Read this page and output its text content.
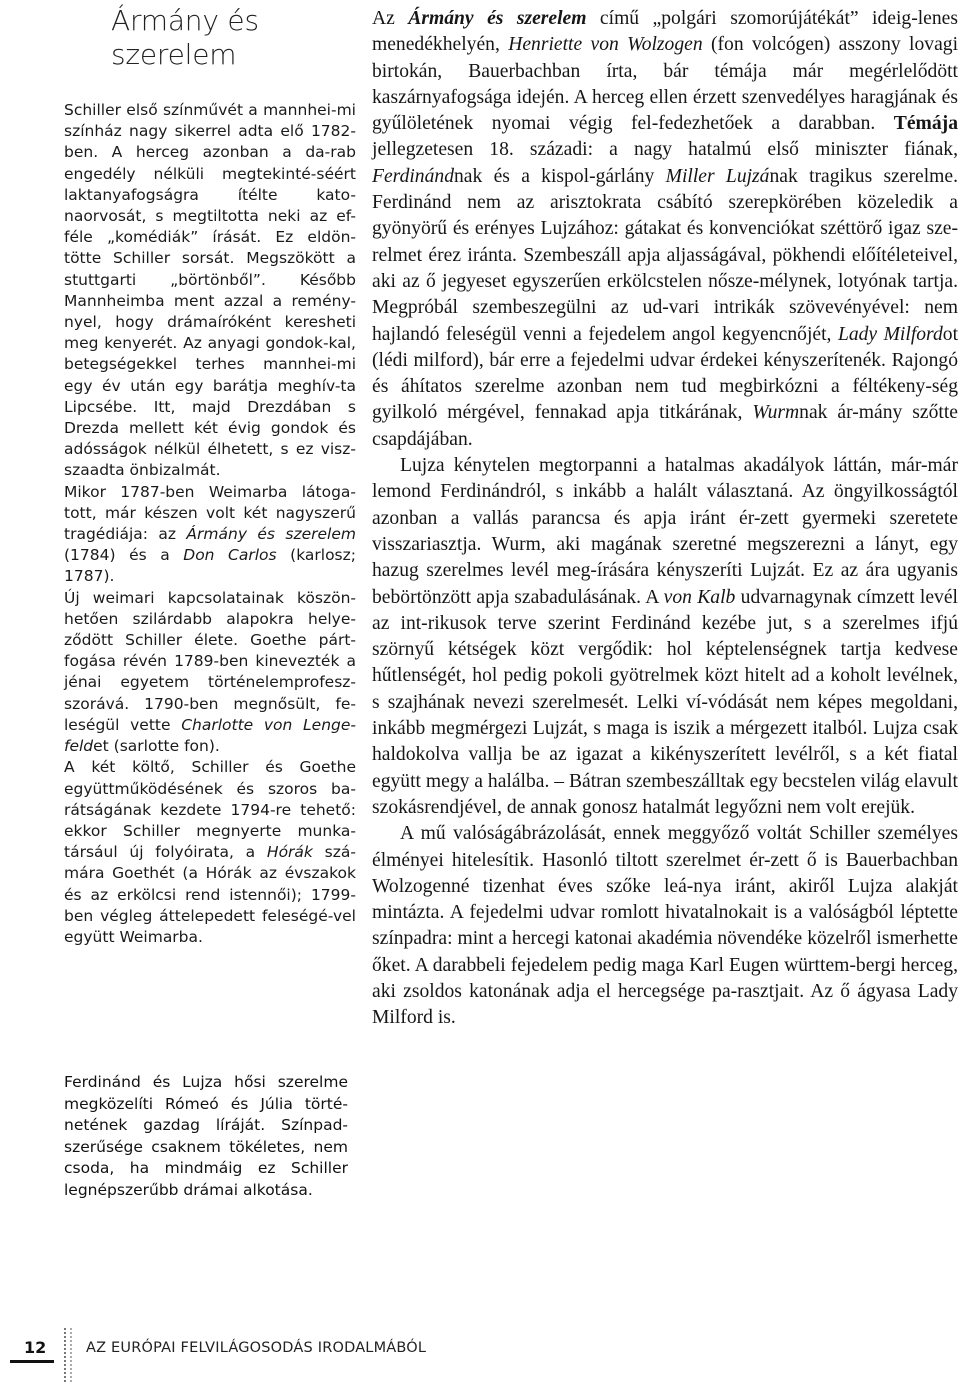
Ármány és szerelem

Schiller első színművét a mannhei-mi színház nagy sikerrel adta elő 1782-ben. A herceg azonban a da-rab engedély nélküli megtekinté-séért laktanyafogságra ítélte kato-naorvosát, s megtiltotta neki az ef-féle „komédiák” írását. Ez eldön-tötte Schiller sorsát. Megszökött a stuttgarti „börtönből”. Később Mannheimba ment azzal a remény-nyel, hogy drámaíróként keresheti meg kenyerét. Az anyagi gondok-kal, betegségekkel terhes mannhei-mi egy év után egy barátja meghív-ta Lipcsébe. Itt, majd Drezdában s Drezda mellett két évig gondok és adósságok nélkül élhetett, s ez visz-szaadta önbizalmát.

Mikor 1787-ben Weimarba látoga-tott, már készen volt két nagyszerű tragédiája: az Ármány és szerelem (1784) és a Don Carlos (karlosz; 1787).

Új weimari kapcsolatainak köszön-hetően szilárdabb alapokra helye-ződött Schiller élete. Goethe párt-fogása révén 1789-ben kinevezték a jénai egyetem történelemprofesz-szorává. 1790-ben megnősült, fe-leségül vette Charlotte von Lenge-feldet (sarlotte fon).

A két költő, Schiller és Goethe együttműködésének és szoros ba-rátságának kezdete 1794-re tehető: ekkor Schiller megnyerte munka-társául új folyóirata, a Hórák szá-mára Goethét (a Hórák az évszakok és az erkölcsi rend istennői); 1799-ben végleg áttelepedett feleségé-vel együtt Weimarba.

Ferdinánd és Lujza hősi szerelme megközelíti Rómeó és Júlia törté-netének gazdag líráját. Színpad-szerűsége csaknem tökéletes, nem csoda, ha mindmáig ez Schiller legnépszerűbb drámai alkotása.

Az Ármány és szerelem című „polgári szomorújátékát” ideig-lenes menedékhelyén, Henriette von Wolzogen (fon volcógen) asszony lovagi birtokán, Bauerbachban írta, bár témája már megérlelődött kaszárnyafogsága idején. A herceg ellen érzett szenvedélyes haragjának és gyűlöletének nyomai végig fel-fedezhetőek a darabban. Témája jellegzetesen 18. századi: a nagy hatalmú első miniszter fiának, Ferdinándnak és a kispol-gárlány Miller Lujzának tragikus szerelme. Ferdinánd nem az arisztokrata csábító szerepkörében közeledik a gyönyörű és erényes Lujzához: gátakat és konvenciókat széttörő igaz sze-relmet érez iránta. Szembeszáll apja aljasságával, pökhendi előítéleteivel, aki az ő jegyeset egyszerűen erkölcstelen nősze-mélynek, lotyónak tartja. Megpróbál szembeszegülni az ud-vari intrikák szövevényével: nem hajlandó feleségül venni a fejedelem angol kegyencnőjét, Lady Milfordot (lédi milford), bár erre a fejedelmi udvar érdekei kényszerítenék. Rajongó és áhítatos szerelme azonban nem tud megbirkózni a féltékeny-ség gyilkoló mérgével, fennakad apja titkárának, Wurmnak ár-mány szőtte csapdájában.

Lujza kénytelen megtorpanni a hatalmas akadályok láttán, már-már lemond Ferdinándról, s inkább a halált választaná. Az öngyilkosságtól azonban a vallás parancsa és apja iránt ér-zett gyermeki szeretete visszariasztja. Wurm, aki magának szeretné megszerezni a lányt, egy hazug szerelmes levél meg-írására kényszeríti Lujzát. Ez az ára ugyanis bebörtönzött apja szabadulásának. A von Kalb udvarnagynak címzett levél az int-rikusok terve szerint Ferdinánd kezébe jut, s a szerelmes ifjú szörnyű kétségek közt vergődik: hol képtelenségnek tartja kedvese hűtlenségét, hol pedig pokoli gyötrelmek közt hitelt ad a koholt levélnek, s szajhának nevezi szerelmesét. Lelki ví-vódását nem képes megoldani, inkább megmérgezi Lujzát, s maga is iszik a mérgezett italból. Lujza csak haldokolva vallja be az igazat a kikényszerített levélről, s a két fiatal együtt megy a halálba. – Bátran szembeszálltak egy becstelen világ elavult szokásrendjével, de annak gonosz hatalmát legyőzni nem volt erejük.

A mű valóságábrázolását, ennek meggyőző voltát Schiller személyes élményei hitelesítik. Hasonló tiltott szerelmet ér-zett ő is Bauerbachban Wolzogenné tizenhat éves szőke leá-nya iránt, akiről Lujza alakját mintázta. A fejedelmi udvar romlott hivatalnokait is a valóságból léptette színpadra: mint a hercegi katonai akadémia növendéke közelről ismerhette őket. A darabbeli fejedelem pedig maga Karl Eugen württem-bergi herceg, aki zsoldos katonának adja el hercegsége pa-rasztjait. Az ő ágyasa Lady Milford is.

12	AZ EURÓPAI FELVILÁGOSODÁS IRODALMÁBÓL
